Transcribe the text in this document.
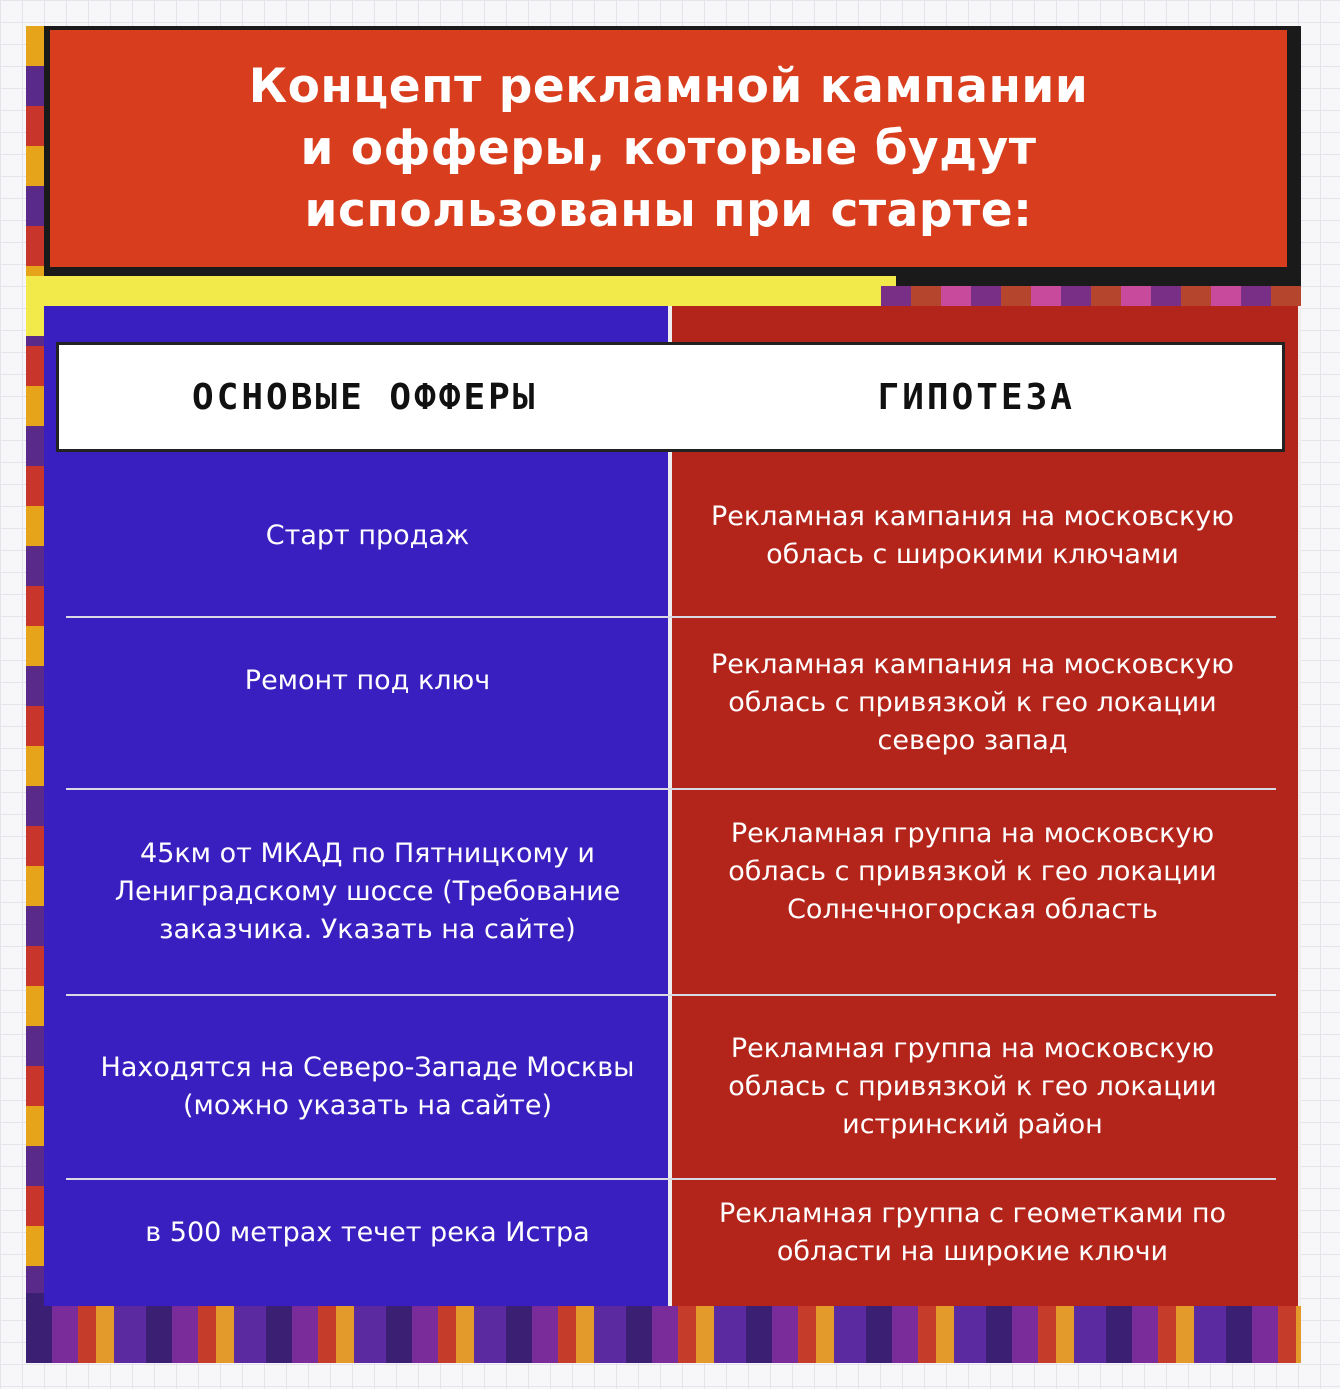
Концепт рекламной кампании
и офферы, которые будут
использованы при старте:
ОСНОВЫЕ ОФФЕРЫ	ГИПОТЕЗА
Старт продаж
Рекламная кампания на московскую облась с широкими ключами
Ремонт под ключ	Рекламная кампания на московскую облась с привязкой к гео локации северо запад
45км от МКАД по Пятницкому и Ленигрaдскому шоссе (Требование заказчика. Указать на сайте)
Рекламная группа на московскую облась с привязкой к гео локации Солнечногорская область
Находятся на Северо-Западе Москвы (можно указать на сайте)
Рекламная группа на московскую облась с привязкой к гео локации истринский район
в 500 метрах течет река Истра
Рекламная группа с геометками по области на широкие ключи
